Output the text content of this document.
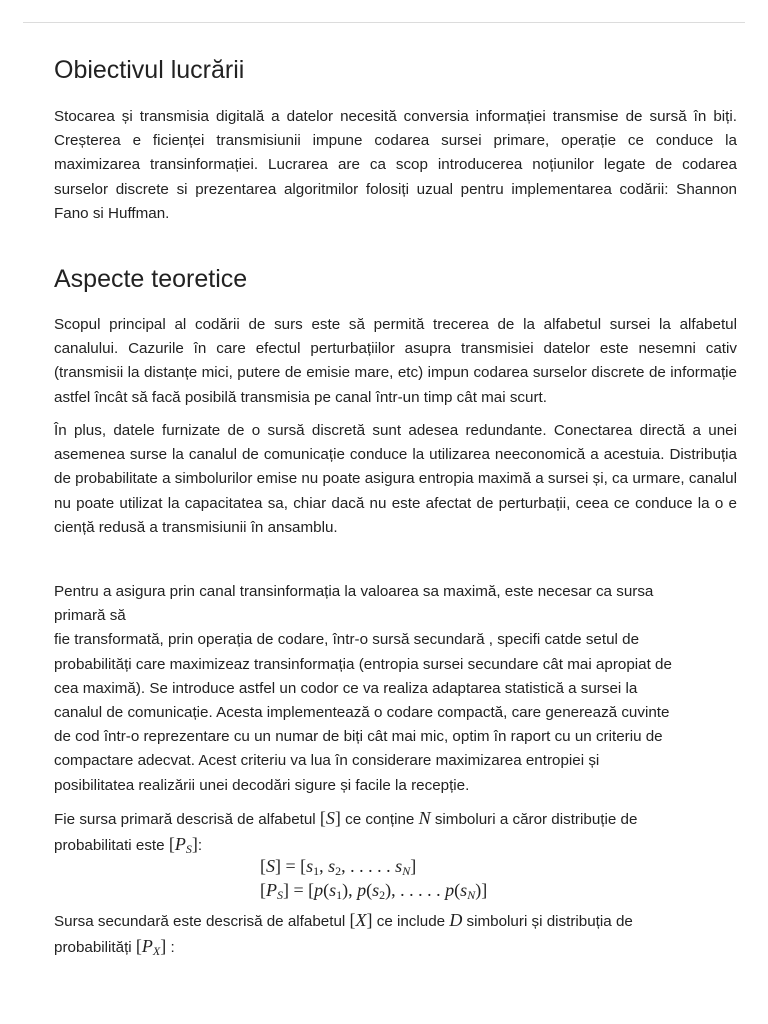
Obiectivul lucrării

Stocarea și transmisia digitală a datelor necesită conversia informației transmise de sursă în biți. Creșterea e ficienței transmisiunii impune codarea sursei primare, operație ce conduce la maximizarea transinformației. Lucrarea are ca scop introducerea noțiunilor legate de codarea surselor discrete si prezentarea algoritmilor folosiți uzual pentru implementarea codării: Shannon Fano si Huffman.

Aspecte teoretice

Scopul principal al codării de surs este să permită trecerea de la alfabetul sursei la alfabetul canalului. Cazurile în care efectul perturbațiilor asupra transmisiei datelor este nesemni cativ (transmisii la distanțe mici, putere de emisie mare, etc) impun codarea surselor discrete de informație astfel încât să facă posibilă transmisia pe canal într-un timp cât mai scurt.

În plus, datele furnizate de o sursă discretă sunt adesea redundante. Conectarea directă a unei asemenea surse la canalul de comunicație conduce la utilizarea neeconomică a acestuia. Distribuția de probabilitate a simbolurilor emise nu poate asigura entropia maximă a sursei și, ca urmare, canalul nu poate utilizat la capacitatea sa, chiar dacă nu este afectat de perturbații, ceea ce conduce la o e ciență redusă a transmisiunii în ansamblu.

Pentru a asigura prin canal transinformația la valoarea sa maximă, este necesar ca sursa
primară să
fie transformată, prin operația de codare, într-o sursă secundară , specifi catde setul de
probabilități care maximizeaz transinformația (entropia sursei secundare cât mai apropiat de
cea maximă). Se introduce astfel un codor ce va realiza adaptarea statistică a sursei la
canalul de comunicație. Acesta implementează o codare compactă, care generează cuvinte
de cod într-o reprezentare cu un numar de biți cât mai mic, optim în raport cu un criteriu de
compactare adecvat. Acest criteriu va lua în considerare maximizarea entropiei și
posibilitatea realizării unei decodări sigure și facile la recepție.
Fie sursa primară descrisă de alfabetul [S] ce conține N simboluri a căror distribuție de
probabilitati este $[P_S]$:
$[S] = [s_1$, $s_2$, . . . . . $s_N$]
$[P_S] = [p(s_1)$, $p(s_2)$, . . . . . $p(s_N)$]
Sursa secundară este descrisă de alfabetul [X] ce include D simboluri și distribuția de
probabilități $[P_X]$ :
